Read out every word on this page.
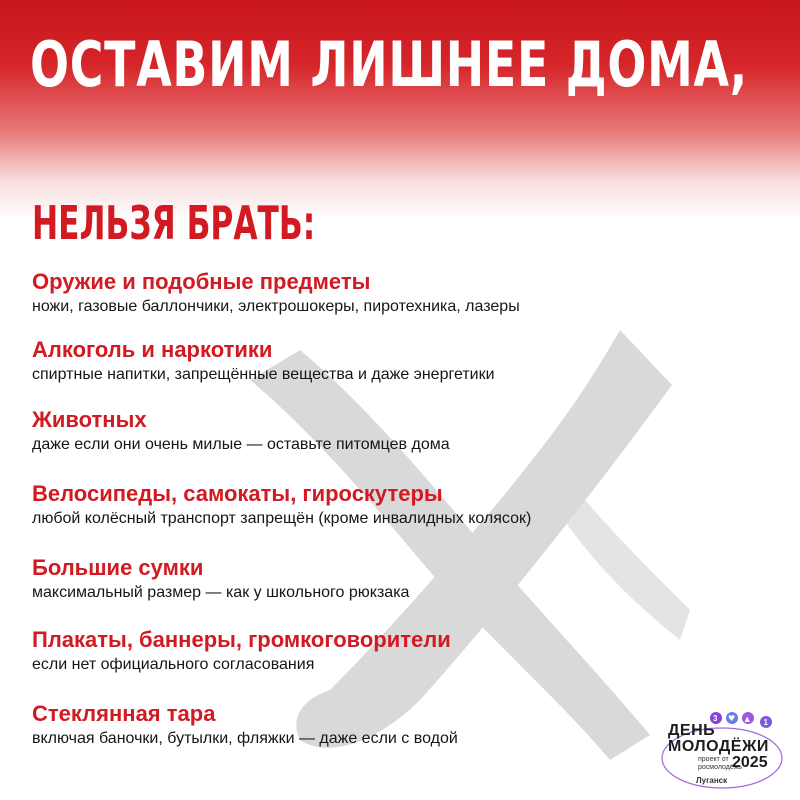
ОСТАВИМ ЛИШНЕЕ ДОМА,
НЕЛЬЗЯ БРАТЬ:
Оружие и подобные предметы
ножи, газовые баллончики, электрошокеры, пиротехника, лазеры
Алкоголь и наркотики
спиртные напитки, запрещённые вещества и даже энергетики
Животных
даже если они очень милые — оставьте питомцев дома
Велосипеды, самокаты, гироскутеры
любой колёсный транспорт запрещён (кроме инвалидных колясок)
Большие сумки
максимальный размер — как у школьного рюкзака
Плакаты, баннеры, громкоговорители
если нет официального согласования
Стеклянная тара
включая баночки, бутылки, фляжки — даже если с водой
3 ♥ ▲ 1
ДЕНЬ
МОЛОДЁЖИ
проект от росмолодёжь
2025
Луганск
